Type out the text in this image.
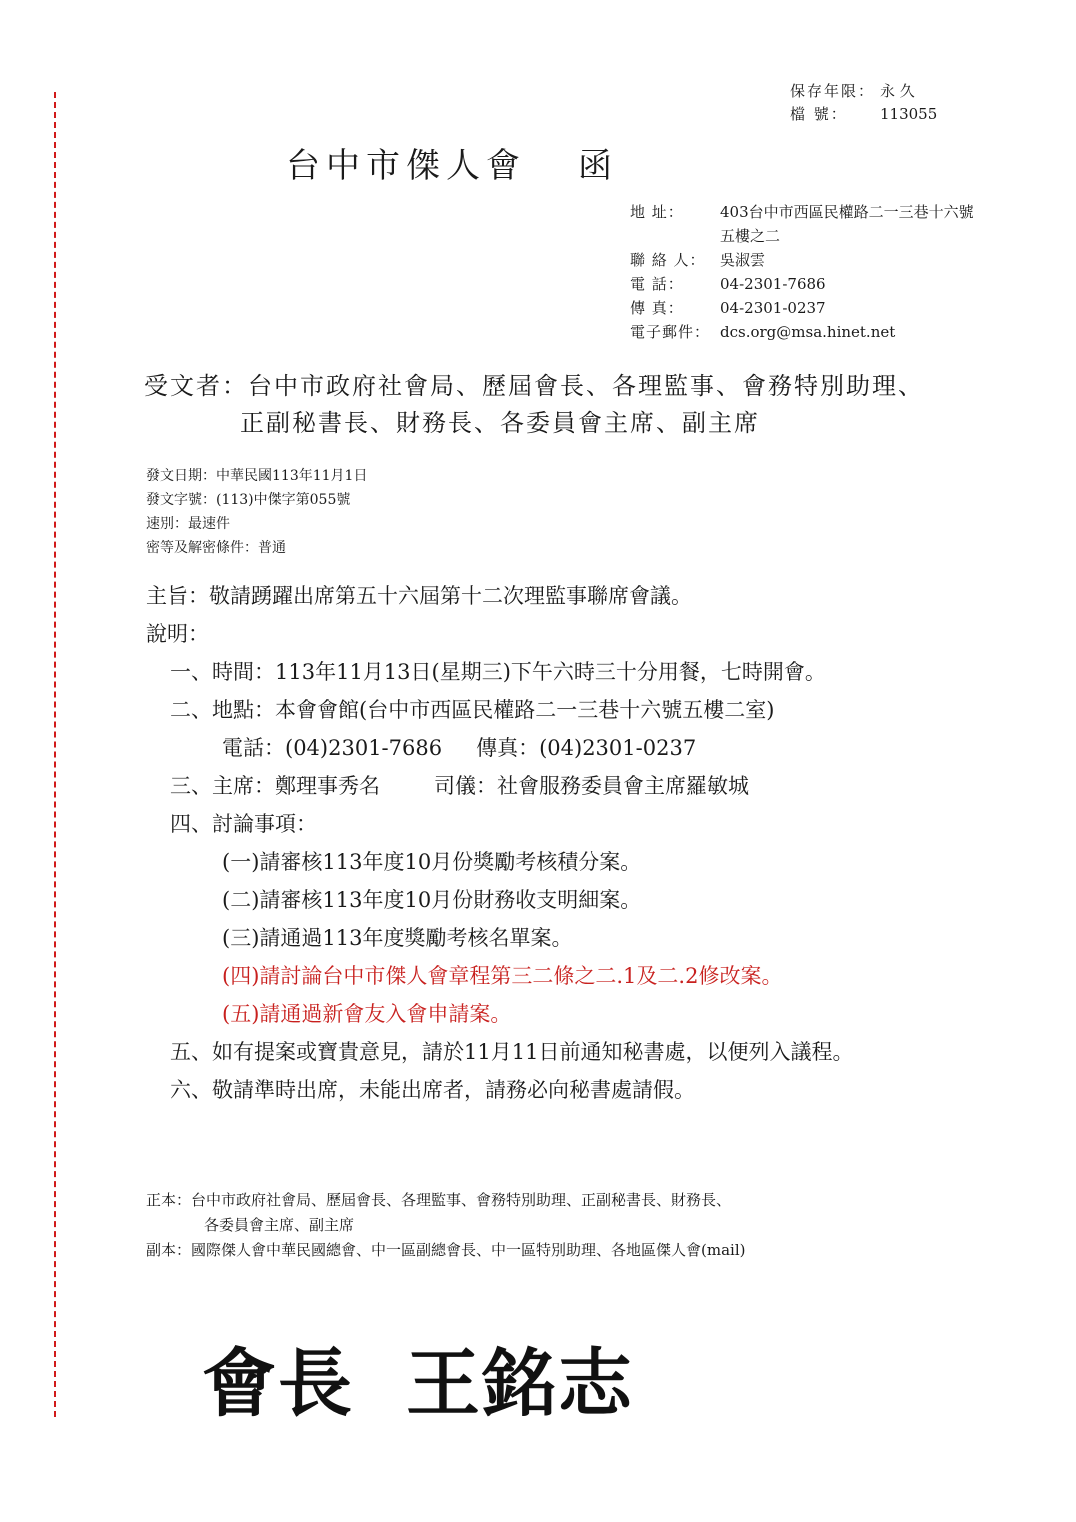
保存年限： 永 久
檔 號：	113055
台中市傑人會 函
地 址：	403台中市西區民權路二一三巷十六號
五樓之二
聯 絡 人： 吳淑雲
電 話：	04-2301-7686
傳 真：	04-2301-0237
電子郵件： dcs.org@msa.hinet.net
受文者：台中市政府社會局、歷屆會長、各理監事、會務特別助理、
正副秘書長、財務長、各委員會主席、副主席
發文日期：中華民國113年11月1日
發文字號：(113)中傑字第055號
速別：最速件
密等及解密條件：普通
主旨：敬請踴躍出席第五十六屆第十二次理監事聯席會議。
說明：
一、時間：113年11月13日(星期三)下午六時三十分用餐，七時開會。
二、地點：本會會館(台中市西區民權路二一三巷十六號五樓二室)
電話：(04)2301-7686 傳真：(04)2301-0237
三、主席：鄭理事秀名	司儀：社會服務委員會主席羅敏城
四、討論事項：
(一)請審核113年度10月份獎勵考核積分案。
(二)請審核113年度10月份財務收支明細案。
(三)請通過113年度獎勵考核名單案。
(四)請討論台中市傑人會章程第三二條之二.1及二.2修改案。
(五)請通過新會友入會申請案。
五、如有提案或寶貴意見，請於11月11日前通知秘書處，以便列入議程。
六、敬請準時出席，未能出席者，請務必向秘書處請假。
正本：台中市政府社會局、歷屆會長、各理監事、會務特別助理、正副秘書長、財務長、
各委員會主席、副主席
副本：國際傑人會中華民國總會、中一區副總會長、中一區特別助理、各地區傑人會(mail)
會長 王銘志
